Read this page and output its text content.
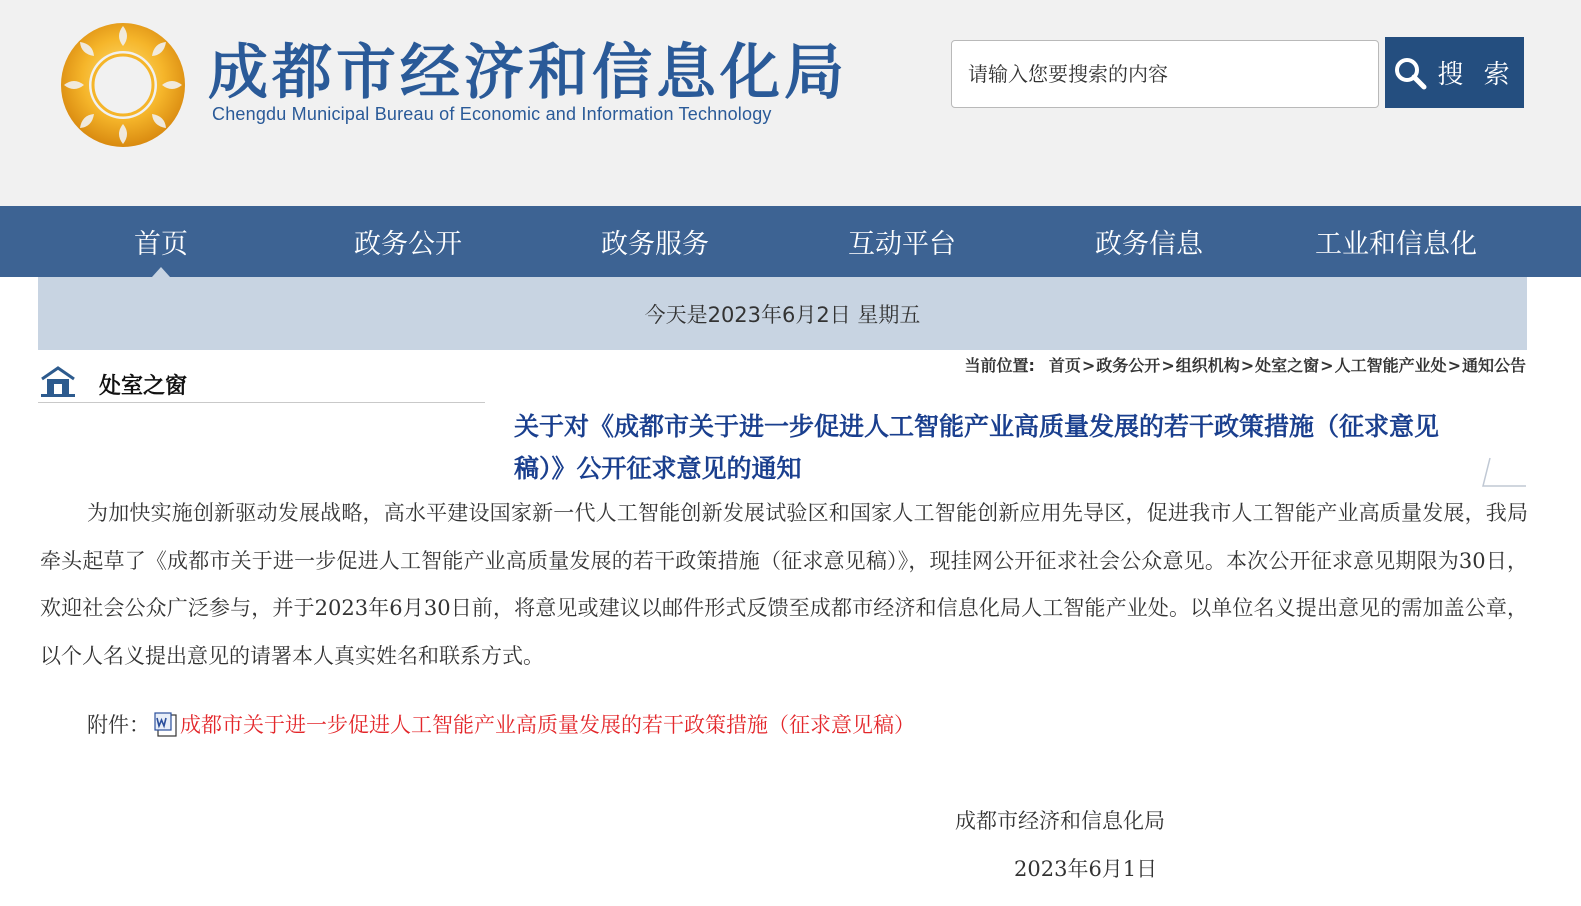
成都市经济和信息化局
Chengdu Municipal Bureau of Economic and Information Technology
请输入您要搜索的内容
搜 索
首页	政务公开	政务服务	互动平台	政务信息	工业和信息化
今天是2023年6月2日 星期五
当前位置: 首页>政务公开>组织机构>处室之窗>人工智能产业处>通知公告
处室之窗
关于对《成都市关于进一步促进人工智能产业高质量发展的若干政策措施（征求意见稿）》公开征求意见的通知
为加快实施创新驱动发展战略，高水平建设国家新一代人工智能创新发展试验区和国家人工智能创新应用先导区，促进我市人工智能产业高质量发展，我局牵头起草了《成都市关于进一步促进人工智能产业高质量发展的若干政策措施（征求意见稿）》，现挂网公开征求社会公众意见。本次公开征求意见期限为30日，欢迎社会公众广泛参与，并于2023年6月30日前，将意见或建议以邮件形式反馈至成都市经济和信息化局人工智能产业处。以单位名义提出意见的需加盖公章，以个人名义提出意见的请署本人真实姓名和联系方式。
附件： 成都市关于进一步促进人工智能产业高质量发展的若干政策措施（征求意见稿）
成都市经济和信息化局
2023年6月1日
